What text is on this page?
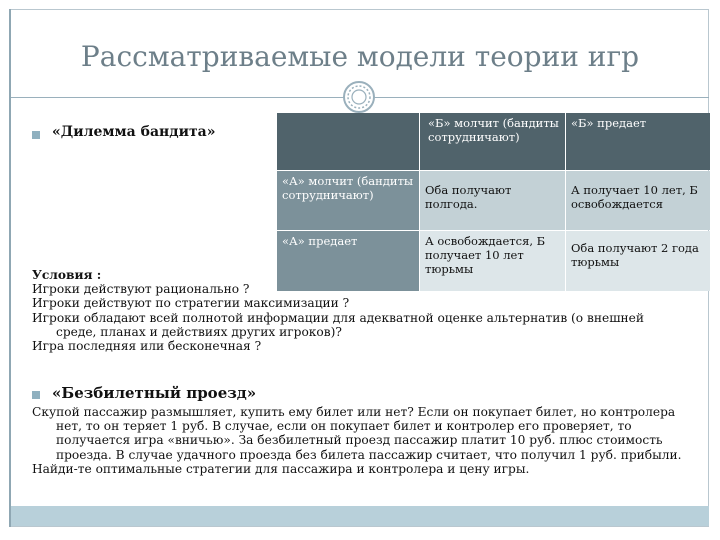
Рассматриваемые модели теории игр
«Дилемма бандита»
«Б» молчит (бандиты сотрудничают)
«Б» предает
«А» молчит (бандиты сотрудничают)	Оба получают полгода.
А получает 10 лет, Б освобождается
«А» предает	А освобождается, Б получает 10 лет тюрьмы
Оба получают 2 года тюрьмы

Условия :

Игроки действуют рационально ?

Игроки действуют по стратегии максимизации ?

Игроки обладают всей полнотой информации для адекватной оценке альтернатив (о внешней среде, планах и действиях других игроков)?

Игра последняя или бесконечная ?

«Безбилетный проезд»

Скупой пассажир размышляет, купить ему билет или нет? Если он покупает билет, но контролера нет, то он теряет 1 руб. В случае, если он покупает билет и контролер его проверяет, то получается игра «вничью». За безбилетный проезд пассажир платит 10 руб. плюс стоимость проезда. В случае удачного проезда без билета пассажир считает, что получил 1 руб. прибыли.

Найди-те оптимальные стратегии для пассажира и контролера и цену игры.
